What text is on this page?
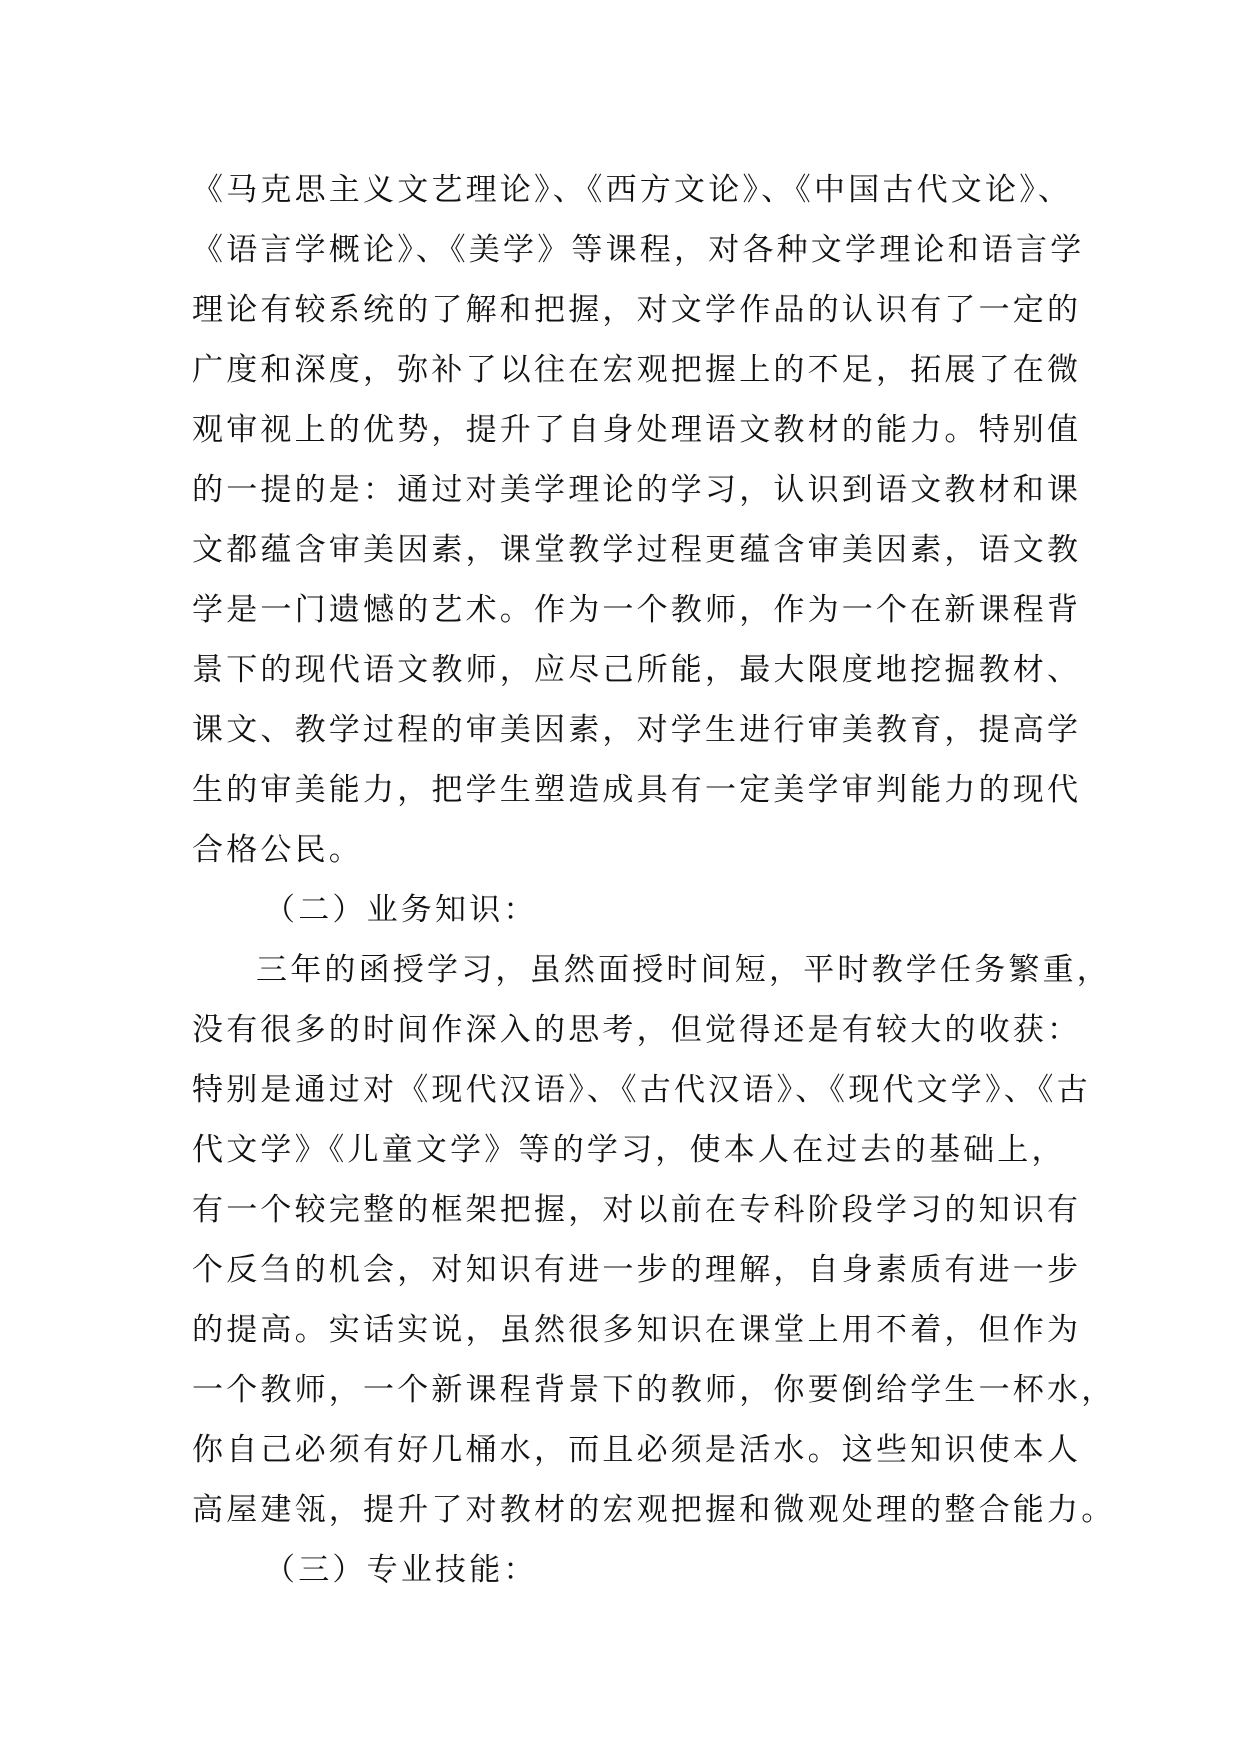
《马克思主义文艺理论》、《西方文论》、《中国古代文论》、
《语言学概论》、《美学》等课程，对各种文学理论和语言学
理论有较系统的了解和把握，对文学作品的认识有了一定的
广度和深度，弥补了以往在宏观把握上的不足，拓展了在微
观审视上的优势，提升了自身处理语文教材的能力。特别值
的一提的是：通过对美学理论的学习，认识到语文教材和课
文都蕴含审美因素，课堂教学过程更蕴含审美因素，语文教
学是一门遗憾的艺术。作为一个教师，作为一个在新课程背
景下的现代语文教师，应尽己所能，最大限度地挖掘教材、
课文、教学过程的审美因素，对学生进行审美教育，提高学
生的审美能力，把学生塑造成具有一定美学审判能力的现代
合格公民。
（二）业务知识：
三年的函授学习，虽然面授时间短，平时教学任务繁重，
没有很多的时间作深入的思考，但觉得还是有较大的收获：
特别是通过对《现代汉语》、《古代汉语》、《现代文学》、《古
代文学》《儿童文学》等的学习，使本人在过去的基础上，
有一个较完整的框架把握，对以前在专科阶段学习的知识有
个反刍的机会，对知识有进一步的理解，自身素质有进一步
的提高。实话实说，虽然很多知识在课堂上用不着，但作为
一个教师，一个新课程背景下的教师，你要倒给学生一杯水，
你自己必须有好几桶水，而且必须是活水。这些知识使本人
高屋建瓴，提升了对教材的宏观把握和微观处理的整合能力。
（三）专业技能：
